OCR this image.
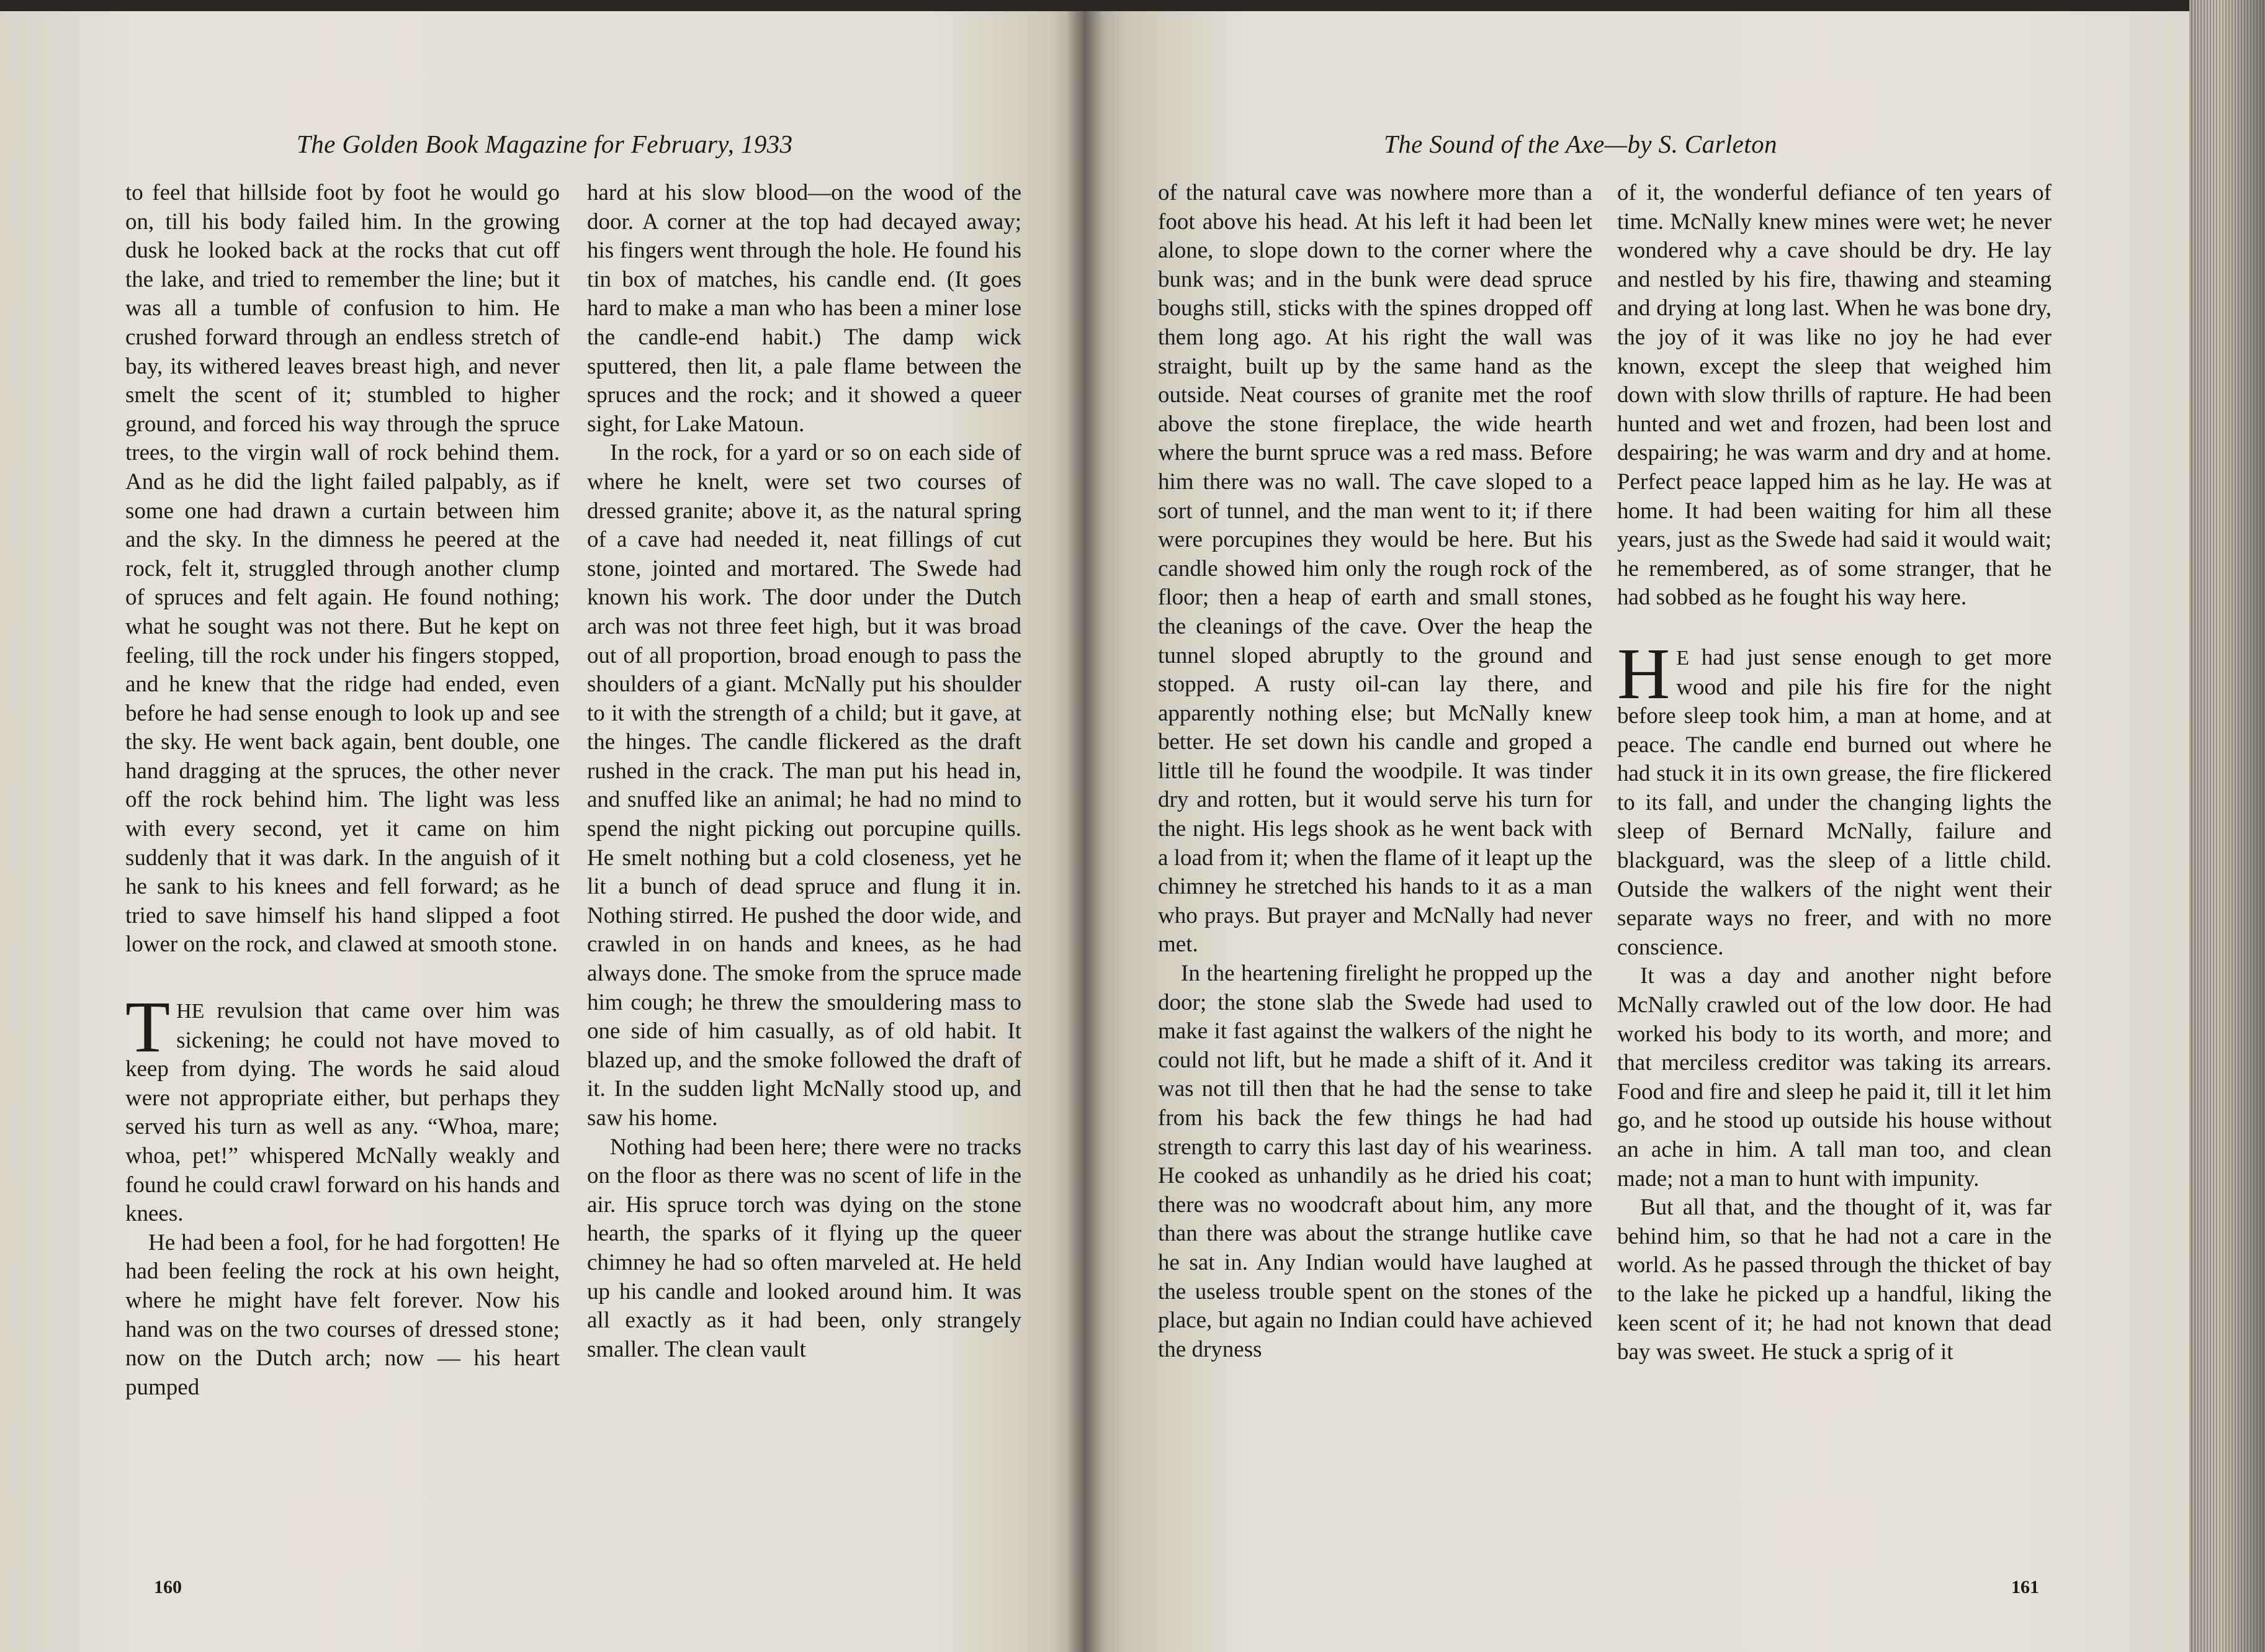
The Golden Book Magazine for February, 1933

to feel that hillside foot by foot he would go on, till his body failed him. In the growing dusk he looked back at the rocks that cut off the lake, and tried to remember the line; but it was all a tumble of confusion to him. He crushed forward through an endless stretch of bay, its withered leaves breast high, and never smelt the scent of it; stumbled to higher ground, and forced his way through the spruce trees, to the virgin wall of rock behind them. And as he did the light failed palpably, as if some one had drawn a curtain between him and the sky. In the dimness he peered at the rock, felt it, struggled through another clump of spruces and felt again. He found nothing; what he sought was not there. But he kept on feeling, till the rock under his fingers stopped, and he knew that the ridge had ended, even before he had sense enough to look up and see the sky. He went back again, bent double, one hand dragging at the spruces, the other never off the rock behind him. The light was less with every second, yet it came on him suddenly that it was dark. In the anguish of it he sank to his knees and fell forward; as he tried to save himself his hand slipped a foot lower on the rock, and clawed at smooth stone.

THE revulsion that came over him was sickening; he could not have moved to keep from dying. The words he said aloud were not appropriate either, but perhaps they served his turn as well as any. “Whoa, mare; whoa, pet!” whispered McNally weakly and found he could crawl forward on his hands and knees.

He had been a fool, for he had forgotten! He had been feeling the rock at his own height, where he might have felt forever. Now his hand was on the two courses of dressed stone; now on the Dutch arch; now — his heart pumped

hard at his slow blood—on the wood of the door. A corner at the top had decayed away; his fingers went through the hole. He found his tin box of matches, his candle end. (It goes hard to make a man who has been a miner lose the candle-end habit.) The damp wick sputtered, then lit, a pale flame between the spruces and the rock; and it showed a queer sight, for Lake Matoun.

In the rock, for a yard or so on each side of where he knelt, were set two courses of dressed granite; above it, as the natural spring of a cave had needed it, neat fillings of cut stone, jointed and mortared. The Swede had known his work. The door under the Dutch arch was not three feet high, but it was broad out of all proportion, broad enough to pass the shoulders of a giant. McNally put his shoulder to it with the strength of a child; but it gave, at the hinges. The candle flickered as the draft rushed in the crack. The man put his head in, and snuffed like an animal; he had no mind to spend the night picking out porcupine quills. He smelt nothing but a cold closeness, yet he lit a bunch of dead spruce and flung it in. Nothing stirred. He pushed the door wide, and crawled in on hands and knees, as he had always done. The smoke from the spruce made him cough; he threw the smouldering mass to one side of him casually, as of old habit. It blazed up, and the smoke followed the draft of it. In the sudden light McNally stood up, and saw his home.

Nothing had been here; there were no tracks on the floor as there was no scent of life in the air. His spruce torch was dying on the stone hearth, the sparks of it flying up the queer chimney he had so often marveled at. He held up his candle and looked around him. It was all exactly as it had been, only strangely smaller. The clean vault

160
The Sound of the Axe—by S. Carleton

of the natural cave was nowhere more than a foot above his head. At his left it had been let alone, to slope down to the corner where the bunk was; and in the bunk were dead spruce boughs still, sticks with the spines dropped off them long ago. At his right the wall was straight, built up by the same hand as the outside. Neat courses of granite met the roof above the stone fireplace, the wide hearth where the burnt spruce was a red mass. Before him there was no wall. The cave sloped to a sort of tunnel, and the man went to it; if there were porcupines they would be here. But his candle showed him only the rough rock of the floor; then a heap of earth and small stones, the cleanings of the cave. Over the heap the tunnel sloped abruptly to the ground and stopped. A rusty oil-can lay there, and apparently nothing else; but McNally knew better. He set down his candle and groped a little till he found the woodpile. It was tinder dry and rotten, but it would serve his turn for the night. His legs shook as he went back with a load from it; when the flame of it leapt up the chimney he stretched his hands to it as a man who prays. But prayer and McNally had never met.

In the heartening firelight he propped up the door; the stone slab the Swede had used to make it fast against the walkers of the night he could not lift, but he made a shift of it. And it was not till then that he had the sense to take from his back the few things he had had strength to carry this last day of his weariness. He cooked as unhandily as he dried his coat; there was no woodcraft about him, any more than there was about the strange hutlike cave he sat in. Any Indian would have laughed at the useless trouble spent on the stones of the place, but again no Indian could have achieved the dryness

of it, the wonderful defiance of ten years of time. McNally knew mines were wet; he never wondered why a cave should be dry. He lay and nestled by his fire, thawing and steaming and drying at long last. When he was bone dry, the joy of it was like no joy he had ever known, except the sleep that weighed him down with slow thrills of rapture. He had been hunted and wet and frozen, had been lost and despairing; he was warm and dry and at home. Perfect peace lapped him as he lay. He was at home. It had been waiting for him all these years, just as the Swede had said it would wait; he remembered, as of some stranger, that he had sobbed as he fought his way here.

H E had just sense enough to get more wood and pile his fire for the night before sleep took him, a man at home, and at peace. The candle end burned out where he had stuck it in its own grease, the fire flickered to its fall, and under the changing lights the sleep of Bernard McNally, failure and blackguard, was the sleep of a little child. Outside the walkers of the night went their separate ways no freer, and with no more conscience.

It was a day and another night before McNally crawled out of the low door. He had worked his body to its worth, and more; and that merciless creditor was taking its arrears. Food and fire and sleep he paid it, till it let him go, and he stood up outside his house without an ache in him. A tall man too, and clean made; not a man to hunt with impunity.

But all that, and the thought of it, was far behind him, so that he had not a care in the world. As he passed through the thicket of bay to the lake he picked up a handful, liking the keen scent of it; he had not known that dead bay was sweet. He stuck a sprig of it

161
